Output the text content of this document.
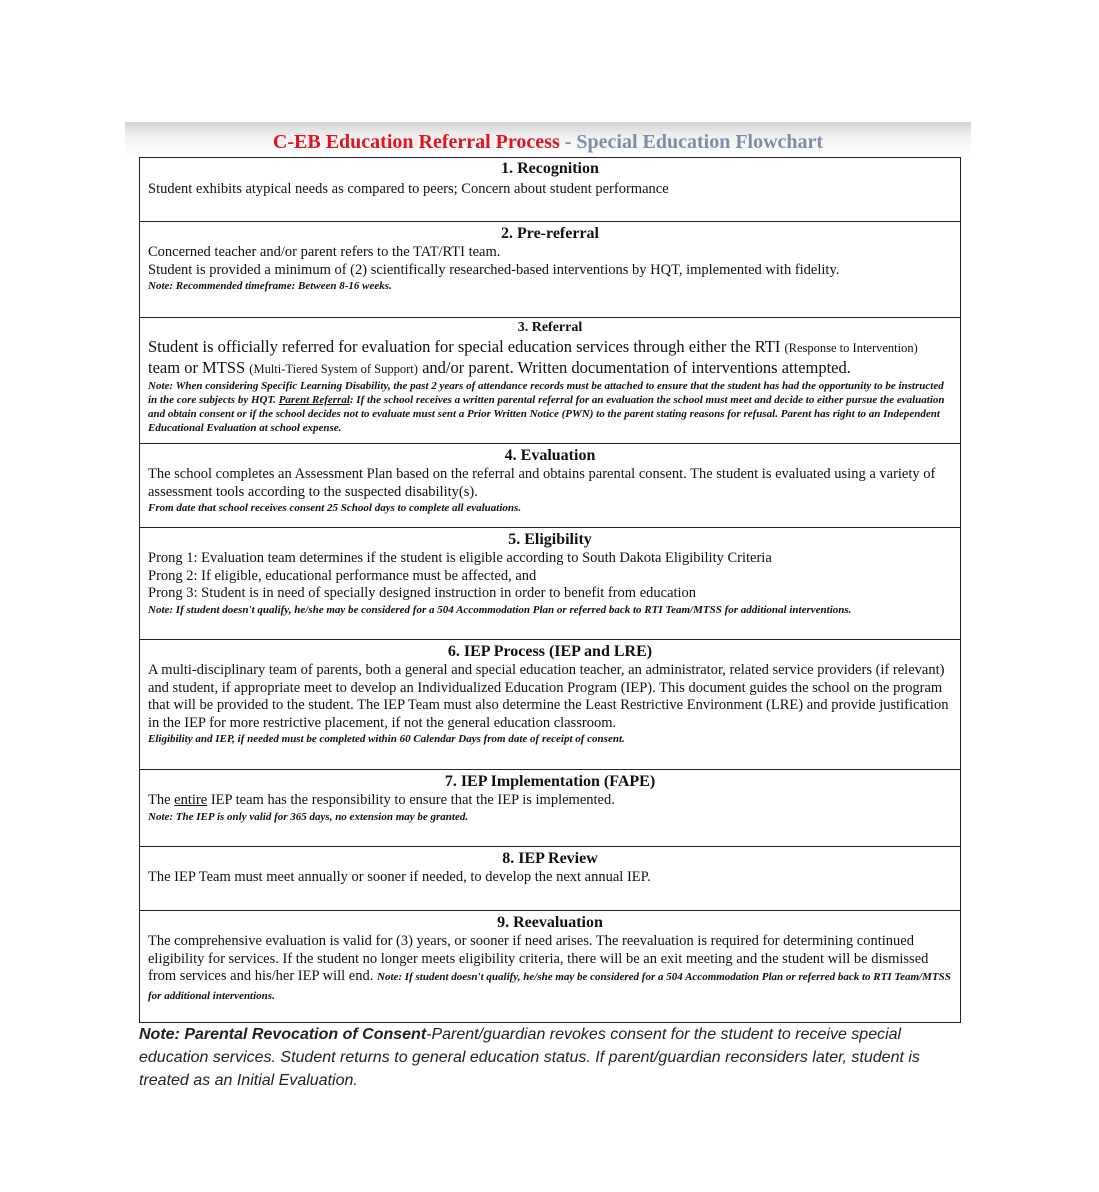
C-EB Education Referral Process - Special Education Flowchart
1. Recognition
Student exhibits atypical needs as compared to peers; Concern about student performance
2. Pre-referral
Concerned teacher and/or parent refers to the TAT/RTI team.
Student is provided a minimum of (2) scientifically researched-based interventions by HQT, implemented with fidelity.
Note: Recommended timeframe: Between 8-16 weeks.
3. Referral
Student is officially referred for evaluation for special education services through either the RTI (Response to Intervention) team or MTSS (Multi-Tiered System of Support) and/or parent. Written documentation of interventions attempted.
Note: When considering Specific Learning Disability, the past 2 years of attendance records must be attached to ensure that the student has had the opportunity to be instructed in the core subjects by HQT. Parent Referral: If the school receives a written parental referral for an evaluation the school must meet and decide to either pursue the evaluation and obtain consent or if the school decides not to evaluate must sent a Prior Written Notice (PWN) to the parent stating reasons for refusal. Parent has right to an Independent Educational Evaluation at school expense.
4. Evaluation
The school completes an Assessment Plan based on the referral and obtains parental consent. The student is evaluated using a variety of assessment tools according to the suspected disability(s).
From date that school receives consent 25 School days to complete all evaluations.
5. Eligibility
Prong 1: Evaluation team determines if the student is eligible according to South Dakota Eligibility Criteria
Prong 2: If eligible, educational performance must be affected, and
Prong 3: Student is in need of specially designed instruction in order to benefit from education
Note: If student doesn't qualify, he/she may be considered for a 504 Accommodation Plan or referred back to RTI Team/MTSS for additional interventions.
6. IEP Process (IEP and LRE)
A multi-disciplinary team of parents, both a general and special education teacher, an administrator, related service providers (if relevant) and student, if appropriate meet to develop an Individualized Education Program (IEP). This document guides the school on the program that will be provided to the student. The IEP Team must also determine the Least Restrictive Environment (LRE) and provide justification in the IEP for more restrictive placement, if not the general education classroom.
Eligibility and IEP, if needed must be completed within 60 Calendar Days from date of receipt of consent.
7. IEP Implementation (FAPE)
The entire IEP team has the responsibility to ensure that the IEP is implemented.
Note: The IEP is only valid for 365 days, no extension may be granted.
8. IEP Review
The IEP Team must meet annually or sooner if needed, to develop the next annual IEP.
9. Reevaluation
The comprehensive evaluation is valid for (3) years, or sooner if need arises. The reevaluation is required for determining continued eligibility for services. If the student no longer meets eligibility criteria, there will be an exit meeting and the student will be dismissed from services and his/her IEP will end. Note: If student doesn't qualify, he/she may be considered for a 504 Accommodation Plan or referred back to RTI Team/MTSS for additional interventions.
Note: Parental Revocation of Consent-Parent/guardian revokes consent for the student to receive special education services. Student returns to general education status. If parent/guardian reconsiders later, student is treated as an Initial Evaluation.
